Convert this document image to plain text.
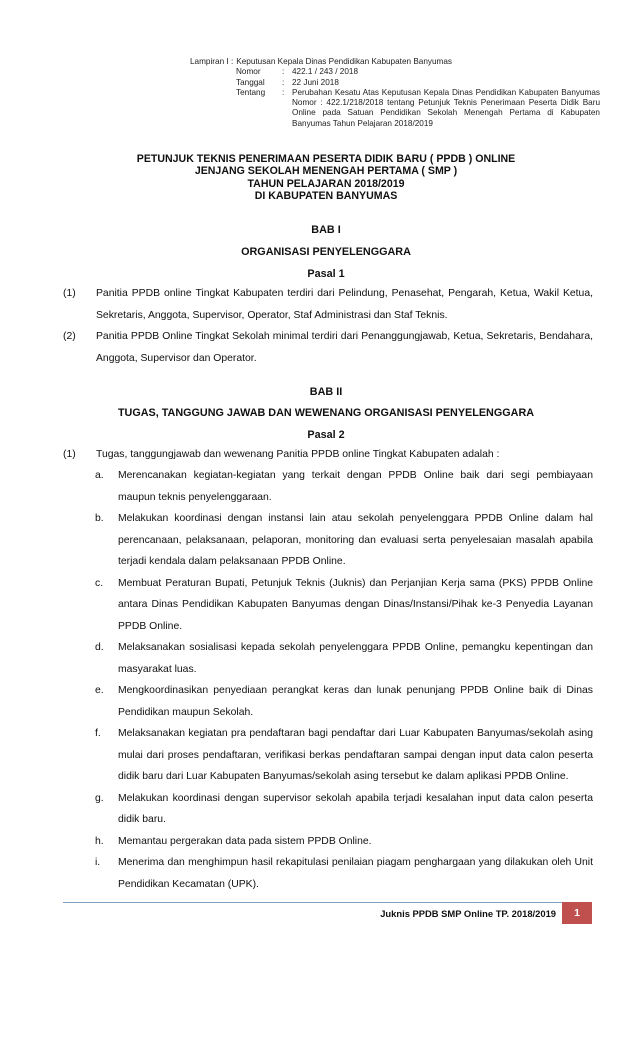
Lampiran I : Keputusan Kepala Dinas Pendidikan Kabupaten Banyumas
Nomor	: 422.1 / 243 / 2018
Tanggal	: 22 Juni 2018
Tentang	: Perubahan Kesatu Atas Keputusan Kepala Dinas Pendidikan Kabupaten Banyumas Nomor : 422.1/218/2018 tentang Petunjuk Teknis Penerimaan Peserta Didik Baru Online pada Satuan Pendidikan Sekolah Menengah Pertama di Kabupaten Banyumas Tahun Pelajaran 2018/2019
PETUNJUK TEKNIS PENERIMAAN PESERTA DIDIK BARU ( PPDB ) ONLINE
JENJANG SEKOLAH MENENGAH PERTAMA ( SMP )
TAHUN PELAJARAN 2018/2019
DI KABUPATEN BANYUMAS
BAB I
ORGANISASI PENYELENGGARA
Pasal 1
(1)	Panitia PPDB online Tingkat Kabupaten terdiri dari Pelindung, Penasehat, Pengarah, Ketua, Wakil Ketua, Sekretaris, Anggota, Supervisor, Operator, Staf Administrasi dan Staf Teknis.
(2)	Panitia PPDB Online Tingkat Sekolah minimal terdiri dari Penanggungjawab, Ketua, Sekretaris, Bendahara, Anggota, Supervisor dan Operator.
BAB II
TUGAS, TANGGUNG JAWAB DAN WEWENANG ORGANISASI PENYELENGGARA
Pasal 2
(1)	Tugas, tanggungjawab dan wewenang Panitia PPDB online Tingkat Kabupaten adalah :
a.	Merencanakan kegiatan-kegiatan yang terkait dengan PPDB Online baik dari segi pembiayaan maupun teknis penyelenggaraan.
b.	Melakukan koordinasi dengan instansi lain atau sekolah penyelenggara PPDB Online dalam hal perencanaan, pelaksanaan, pelaporan, monitoring dan evaluasi serta penyelesaian masalah apabila terjadi kendala dalam pelaksanaan PPDB Online.
c.	Membuat Peraturan Bupati, Petunjuk Teknis (Juknis) dan Perjanjian Kerja sama (PKS) PPDB Online antara Dinas Pendidikan Kabupaten Banyumas dengan Dinas/Instansi/Pihak ke-3 Penyedia Layanan PPDB Online.
d.	Melaksanakan sosialisasi kepada sekolah penyelenggara PPDB Online, pemangku kepentingan dan masyarakat luas.
e.	Mengkoordinasikan penyediaan perangkat keras dan lunak penunjang PPDB Online baik di Dinas Pendidikan maupun Sekolah.
f.	Melaksanakan kegiatan pra pendaftaran bagi pendaftar dari Luar Kabupaten Banyumas/sekolah asing mulai dari proses pendaftaran, verifikasi berkas pendaftaran sampai dengan input data calon peserta didik baru dari Luar Kabupaten Banyumas/sekolah asing tersebut ke dalam aplikasi PPDB Online.
g.	Melakukan koordinasi dengan supervisor sekolah apabila terjadi kesalahan input data calon peserta didik baru.
h.	Memantau pergerakan data pada sistem PPDB Online.
i.	Menerima dan menghimpun hasil rekapitulasi penilaian piagam penghargaan yang dilakukan oleh Unit Pendidikan Kecamatan (UPK).
Juknis PPDB SMP Online TP. 2018/2019	1
